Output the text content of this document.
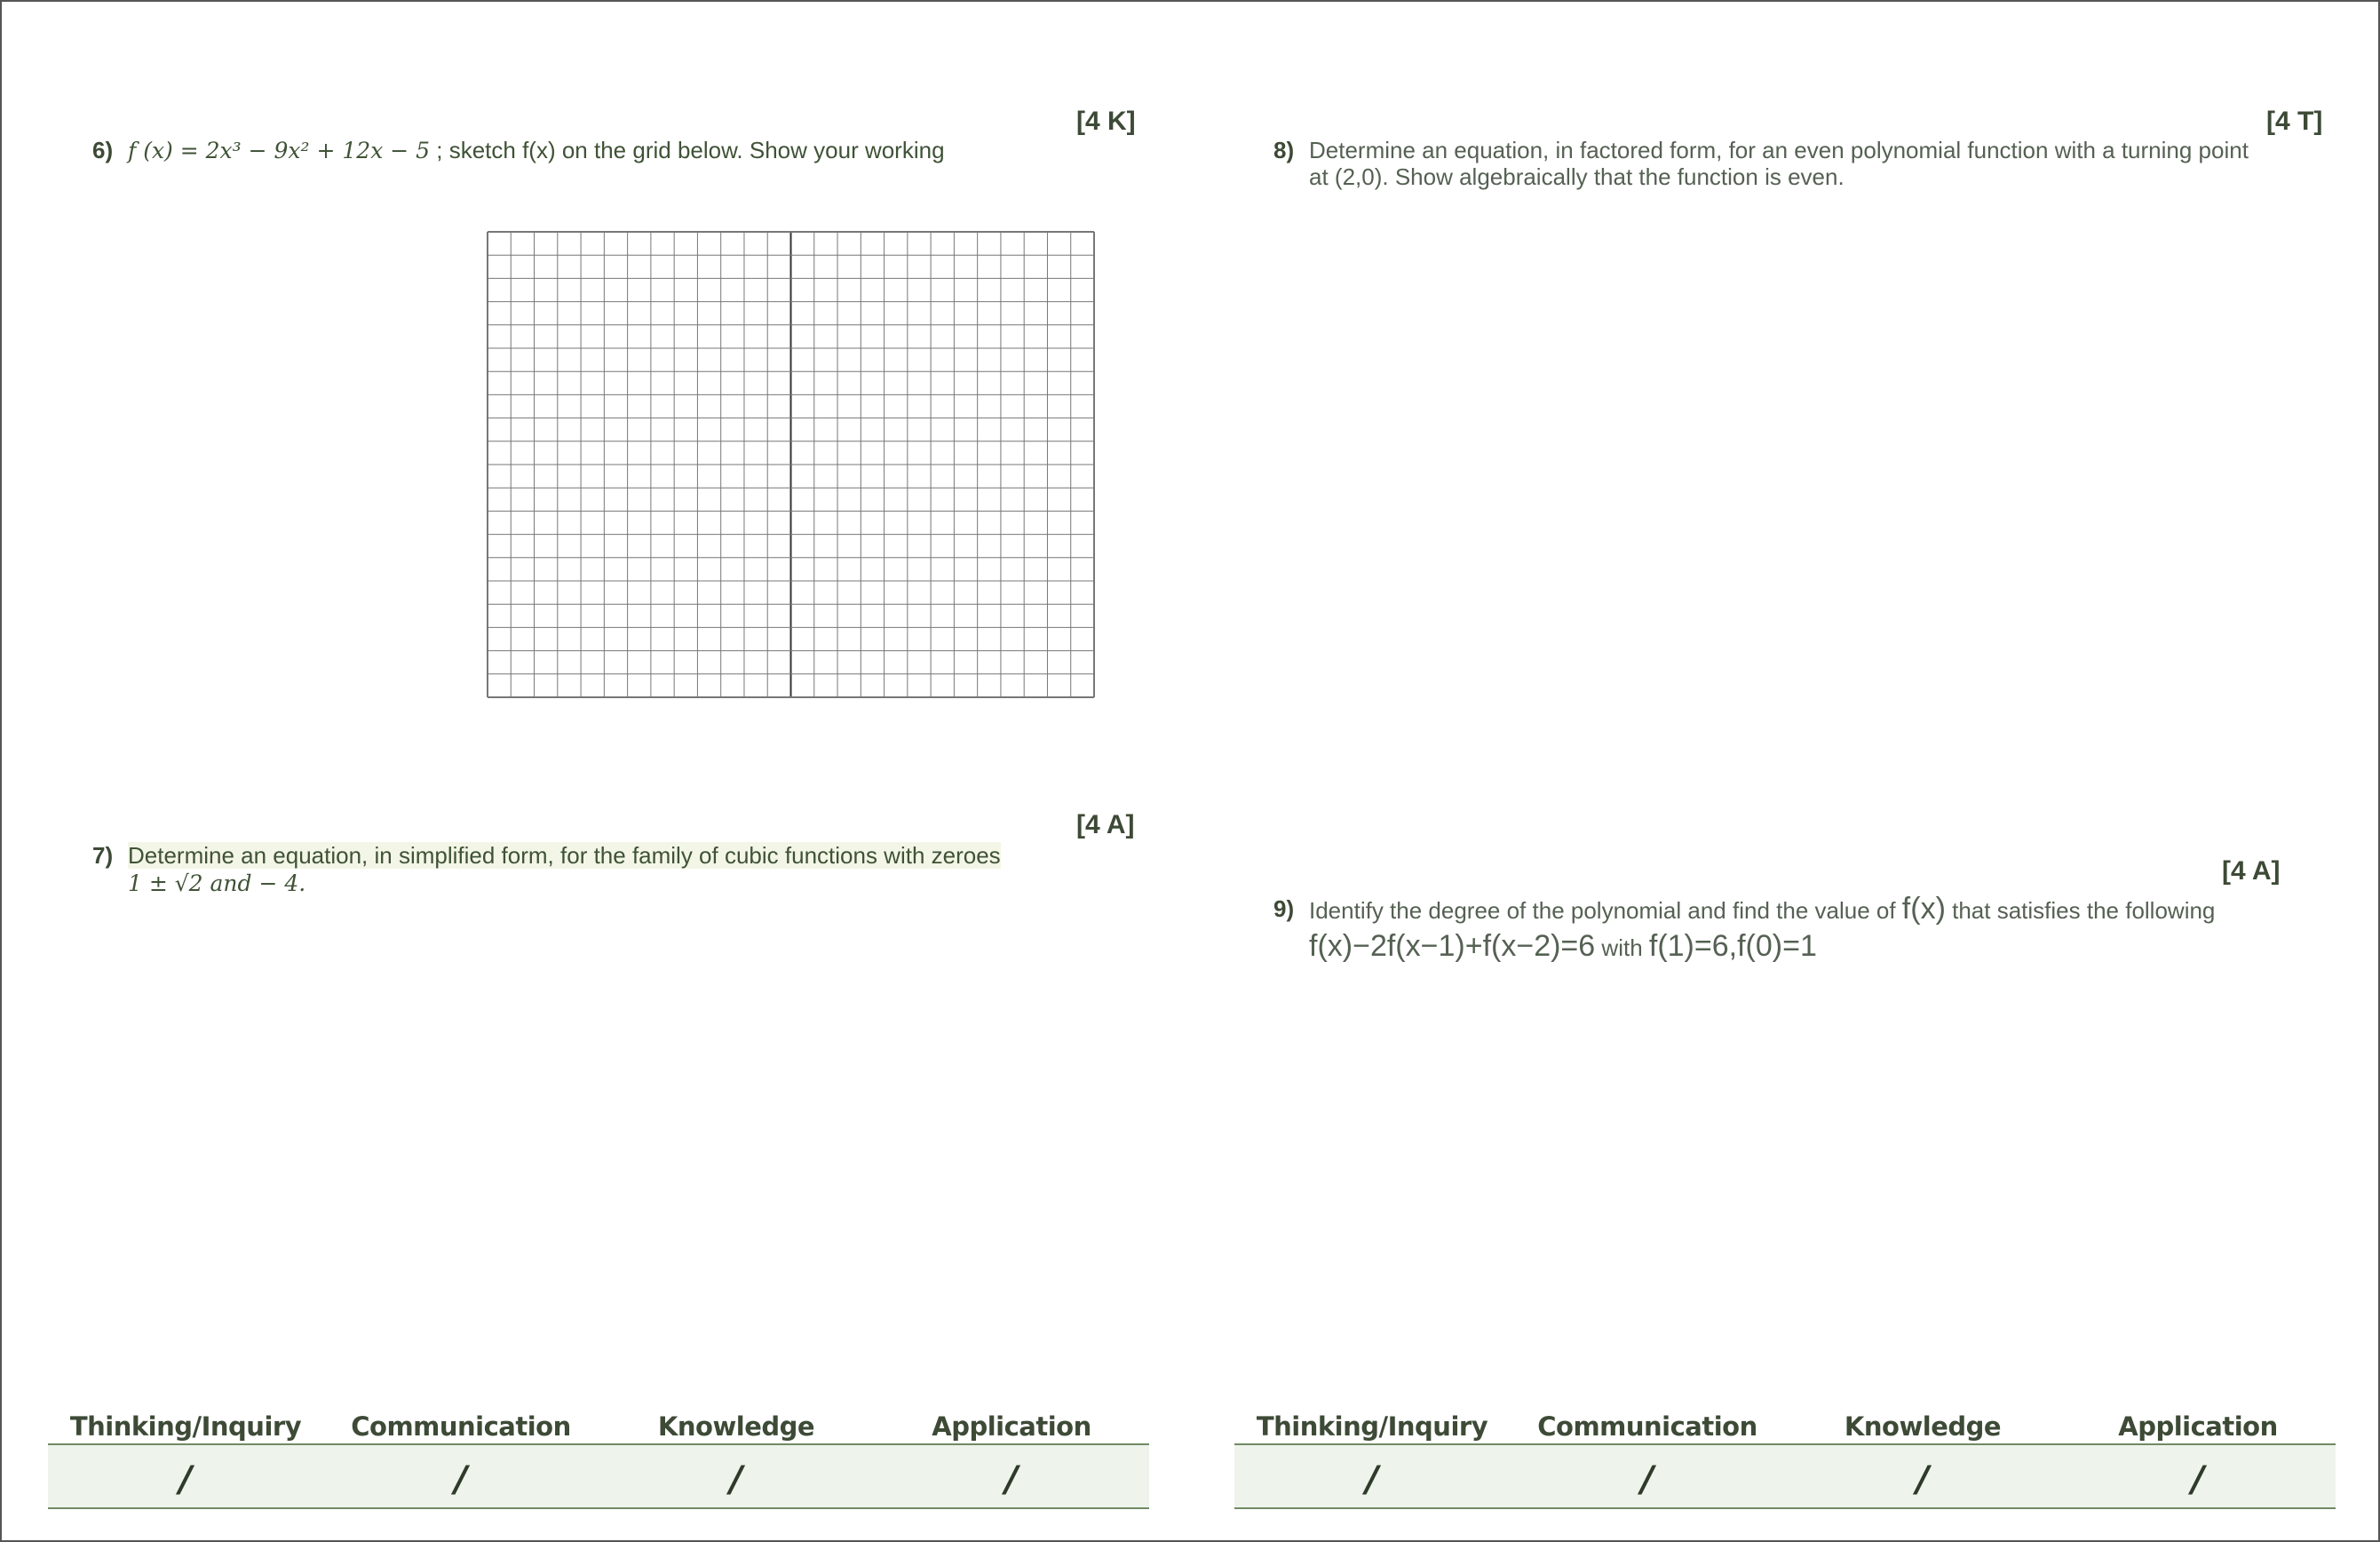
[4 K]
6) f (x) = 2x³ − 9x² + 12x − 5 ; sketch f(x) on the grid below. Show your working
[4 A]
7) Determine an equation, in simplified form, for the family of cubic functions with zeroes
1 ± √2 and − 4.
Thinking/Inquiry	Communication	Knowledge	Application
/	/	/	/
[4 T]
8) Determine an equation, in factored form, for an even polynomial function with a turning point
at (2,0). Show algebraically that the function is even.
[4 A]
9) Identify the degree of the polynomial and find the value of f(x) that satisfies the following
f(x)−2f(x−1)+f(x−2)=6 with f(1)=6,f(0)=1
Thinking/Inquiry	Communication	Knowledge	Application
/	/	/	/
